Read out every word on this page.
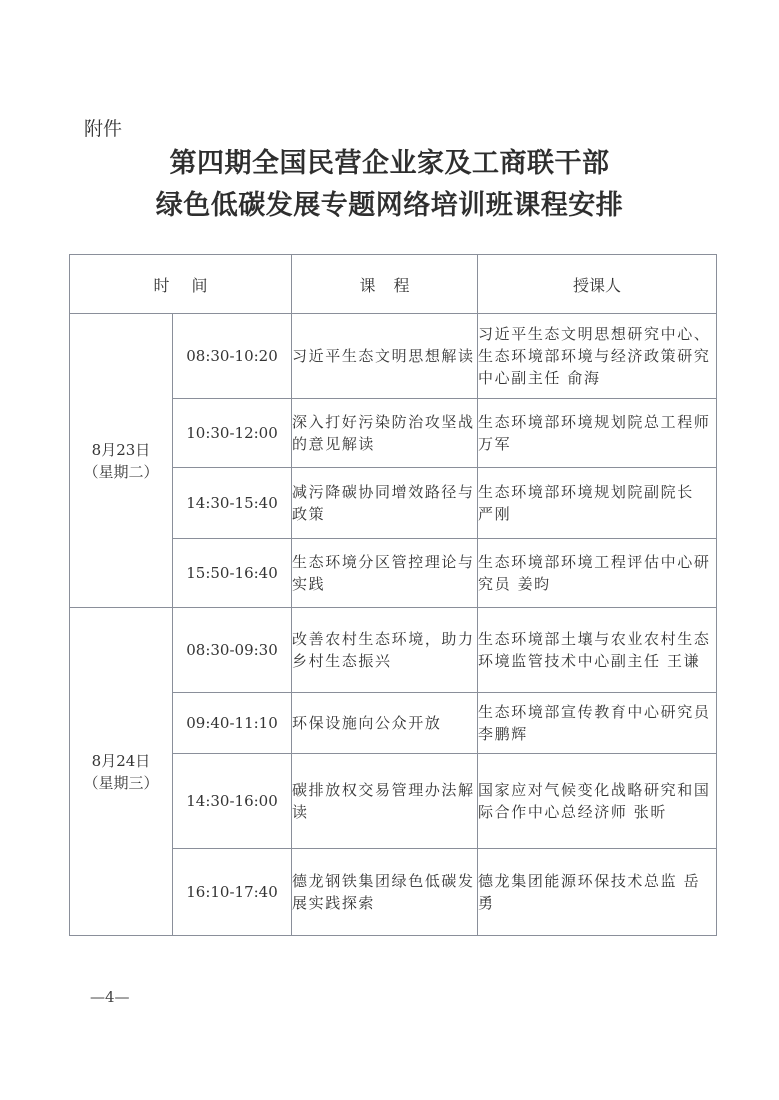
附件
第四期全国民营企业家及工商联干部
绿色低碳发展专题网络培训班课程安排
时间		课程	授课人

8月23日
（星期二）	08:30-10:20	习近平生态文明思想解读	习近平生态文明思想研究中心、生态环境部环境与经济政策研究中心副主任 俞海
	10:30-12:00	深入打好污染防治攻坚战的意见解读	生态环境部环境规划院总工程师 万军
	14:30-15:40	减污降碳协同增效路径与政策	生态环境部环境规划院副院长 严刚
	15:50-16:40	生态环境分区管控理论与实践	生态环境部环境工程评估中心研究员 姜昀

8月24日
（星期三）	08:30-09:30	改善农村生态环境，助力乡村生态振兴	生态环境部土壤与农业农村生态环境监管技术中心副主任 王谦
	09:40-11:10	环保设施向公众开放	生态环境部宣传教育中心研究员 李鹏辉
	14:30-16:00	碳排放权交易管理办法解读	国家应对气候变化战略研究和国际合作中心总经济师 张昕
	16:10-17:40	德龙钢铁集团绿色低碳发展实践探索	德龙集团能源环保技术总监 岳勇
—4—
